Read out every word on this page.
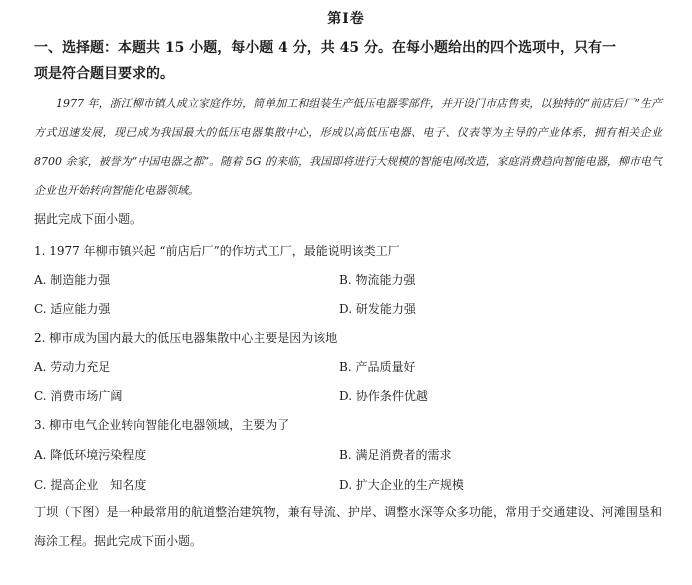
第Ⅰ卷
一、选择题：本题共 15 小题，每小题 4 分，共 45 分。在每小题给出的四个选项中，只有一
项是符合题目要求的。

1977 年，浙江柳市镇人成立家庭作坊，简单加工和组装生产低压电器零部件，并开设门市店售卖，以独特的“前店后厂”生产方式迅速发展，现已成为我国最大的低压电器集散中心，形成以高低压电器、电子、仪表等为主导的产业体系，拥有相关企业 8700 余家，被誉为“中国电器之都”。随着 5G 的来临，我国即将进行大规模的智能电网改造，家庭消费趋向智能电器，柳市电气企业也开始转向智能化电器领域。

据此完成下面小题。
1. 1977 年柳市镇兴起 “前店后厂”的作坊式工厂，最能说明该类工厂
A. 制造能力强	B. 物流能力强
C. 适应能力强	D. 研发能力强
2. 柳市成为国内最大的低压电器集散中心主要是因为该地
A. 劳动力充足	B. 产品质量好
C. 消费市场广阔	D. 协作条件优越
3. 柳市电气企业转向智能化电器领域，主要为了
A. 降低环境污染程度	B. 满足消费者的需求
C. 提高企业　知名度	D. 扩大企业的生产规模
丁坝（下图）是一种最常用的航道整治建筑物，兼有导流、护岸、调整水深等众多功能，常用于交通建设、河滩围垦和海涂工程。据此完成下面小题。
